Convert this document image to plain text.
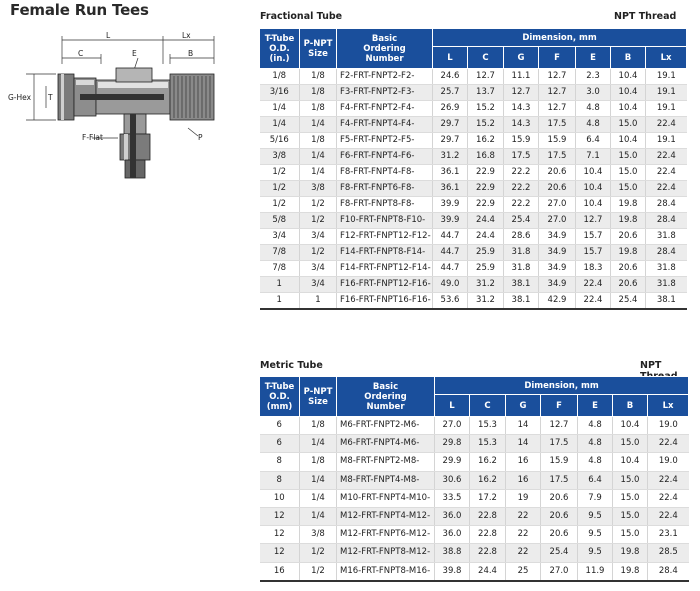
Female Run Tees
L	Lx
C	E	B
G-Hex T
F-Flat	P
Fractional Tube	NPT Thread
T-Tube
O.D.
(in.)	P-NPT
Size	Basic
Ordering
Number	Dimension, mm						
			L	C	G	F	E	B	Lx
1/8	1/8	F2-FRT-FNPT2-F2-	24.6	12.7	11.1	12.7	2.3	10.4	19.1
3/16	1/8	F3-FRT-FNPT2-F3-	25.7	13.7	12.7	12.7	3.0	10.4	19.1
1/4	1/8	F4-FRT-FNPT2-F4-	26.9	15.2	14.3	12.7	4.8	10.4	19.1
1/4	1/4	F4-FRT-FNPT4-F4-	29.7	15.2	14.3	17.5	4.8	15.0	22.4
5/16	1/8	F5-FRT-FNPT2-F5-	29.7	16.2	15.9	15.9	6.4	10.4	19.1
3/8	1/4	F6-FRT-FNPT4-F6-	31.2	16.8	17.5	17.5	7.1	15.0	22.4
1/2	1/4	F8-FRT-FNPT4-F8-	36.1	22.9	22.2	20.6	10.4	15.0	22.4
1/2	3/8	F8-FRT-FNPT6-F8-	36.1	22.9	22.2	20.6	10.4	15.0	22.4
1/2	1/2	F8-FRT-FNPT8-F8-	39.9	22.9	22.2	27.0	10.4	19.8	28.4
5/8	1/2	F10-FRT-FNPT8-F10-	39.9	24.4	25.4	27.0	12.7	19.8	28.4
3/4	3/4	F12-FRT-FNPT12-F12-	44.7	24.4	28.6	34.9	15.7	20.6	31.8
7/8	1/2	F14-FRT-FNPT8-F14-	44.7	25.9	31.8	34.9	15.7	19.8	28.4
7/8	3/4	F14-FRT-FNPT12-F14-	44.7	25.9	31.8	34.9	18.3	20.6	31.8
1	3/4	F16-FRT-FNPT12-F16-	49.0	31.2	38.1	34.9	22.4	20.6	31.8
1	1	F16-FRT-FNPT16-F16-	53.6	31.2	38.1	42.9	22.4	25.4	38.1
Metric Tube	NPT
T-Tube
O.D.
(mm)	P-NPT
Size	Basic
Ordering
Number	Dimension, mm						
			L	C	G	F	E	B	Lx
6	1/8	M6-FRT-FNPT2-M6-	27.0	15.3	14	12.7	4.8	10.4	19.0
6	1/4	M6-FRT-FNPT4-M6-	29.8	15.3	14	17.5	4.8	15.0	22.4
8	1/8	M8-FRT-FNPT2-M8-	29.9	16.2	16	15.9	4.8	10.4	19.0
8	1/4	M8-FRT-FNPT4-M8-	30.6	16.2	16	17.5	6.4	15.0	22.4
10	1/4	M10-FRT-FNPT4-M10-	33.5	17.2	19	20.6	7.9	15.0	22.4
12	1/4	M12-FRT-FNPT4-M12-	36.0	22.8	22	20.6	9.5	15.0	22.4
12	3/8	M12-FRT-FNPT6-M12-	36.0	22.8	22	20.6	9.5	15.0	23.1
12	1/2	M12-FRT-FNPT8-M12-	38.8	22.8	22	25.4	9.5	19.8	28.5
16	1/2	M16-FRT-FNPT8-M16-	39.8	24.4	25	27.0	11.9	19.8	28.4
